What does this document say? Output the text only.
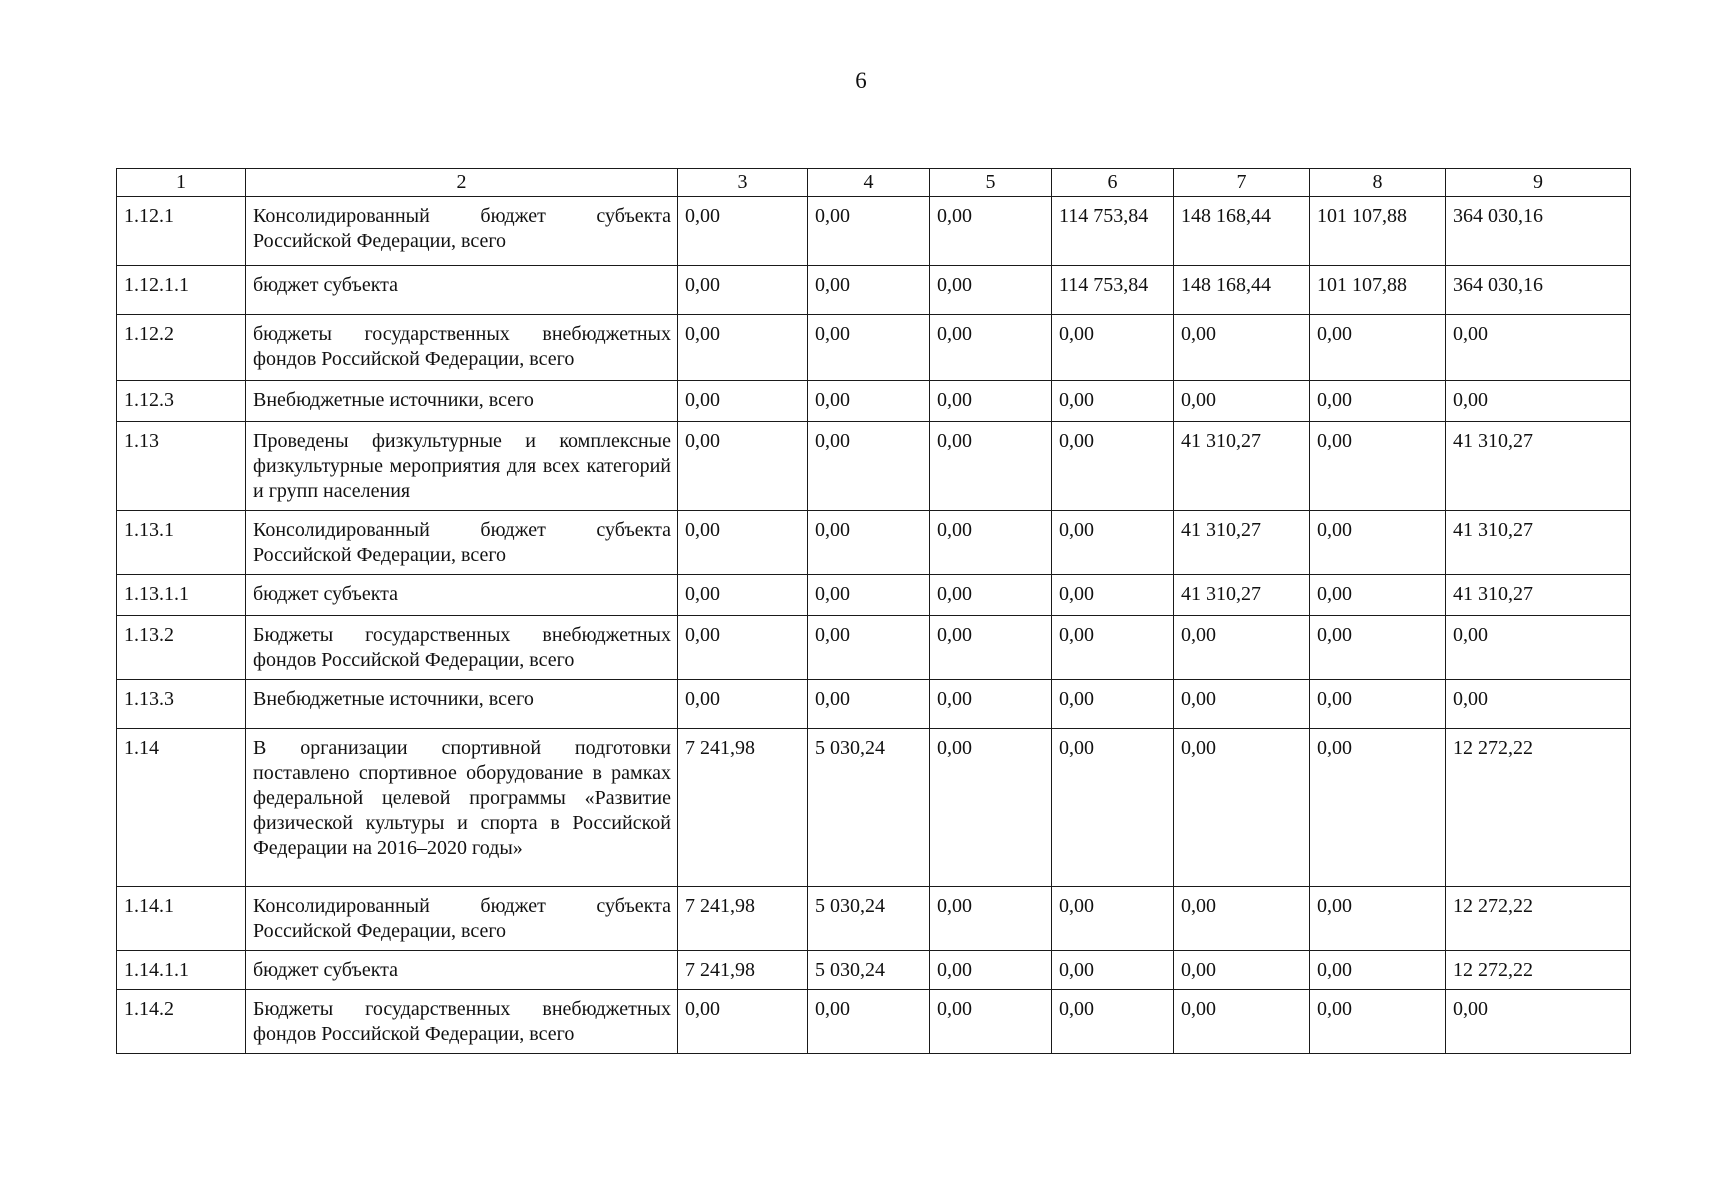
6
1	2	3	4	5	6	7	8	9
1.12.1	Консолидированный бюджет субъекта Российской Федерации, всего	0,00	0,00	0,00	114 753,84	148 168,44	101 107,88	364 030,16
1.12.1.1	бюджет субъекта	0,00	0,00	0,00	114 753,84	148 168,44	101 107,88	364 030,16
1.12.2	бюджеты государственных внебюджетных фондов Российской Федерации, всего	0,00	0,00	0,00	0,00	0,00	0,00	0,00
1.12.3	Внебюджетные источники, всего	0,00	0,00	0,00	0,00	0,00	0,00	0,00
1.13	Проведены физкультурные и комплексные физкультурные мероприятия для всех категорий и групп населения	0,00	0,00	0,00	0,00	41 310,27	0,00	41 310,27
1.13.1	Консолидированный бюджет субъекта Российской Федерации, всего	0,00	0,00	0,00	0,00	41 310,27	0,00	41 310,27
1.13.1.1	бюджет субъекта	0,00	0,00	0,00	0,00	41 310,27	0,00	41 310,27
1.13.2	Бюджеты государственных внебюджетных фондов Российской Федерации, всего	0,00	0,00	0,00	0,00	0,00	0,00	0,00
1.13.3	Внебюджетные источники, всего	0,00	0,00	0,00	0,00	0,00	0,00	0,00
1.14	В организации спортивной подготовки поставлено спортивное оборудование в рамках федеральной целевой программы «Развитие физической культуры и спорта в Российской Федерации на 2016–2020 годы»	7 241,98	5 030,24	0,00	0,00	0,00	0,00	12 272,22
1.14.1	Консолидированный бюджет субъекта Российской Федерации, всего	7 241,98	5 030,24	0,00	0,00	0,00	0,00	12 272,22
1.14.1.1	бюджет субъекта	7 241,98	5 030,24	0,00	0,00	0,00	0,00	12 272,22
1.14.2	Бюджеты государственных внебюджетных фондов Российской Федерации, всего	0,00	0,00	0,00	0,00	0,00	0,00	0,00
